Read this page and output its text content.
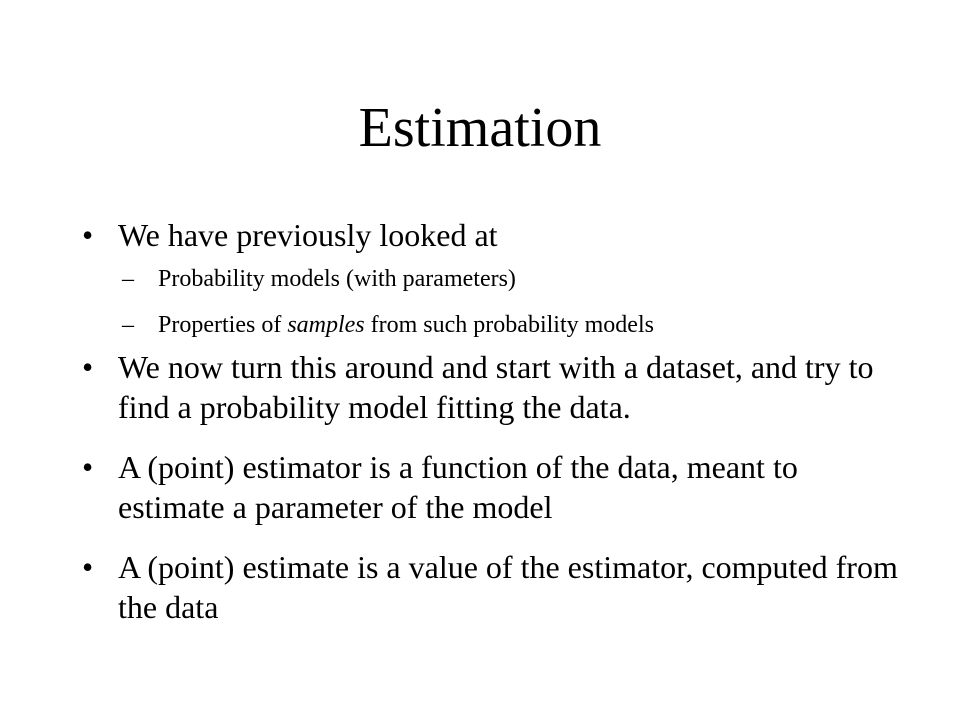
Estimation
• We have previously looked at
– Probability models (with parameters)
– Properties of samples from such probability models
• We now turn this around and start with a dataset, and try to find a probability model fitting the data.
• A (point) estimator is a function of the data, meant to estimate a parameter of the model
• A (point) estimate is a value of the estimator, computed from the data
